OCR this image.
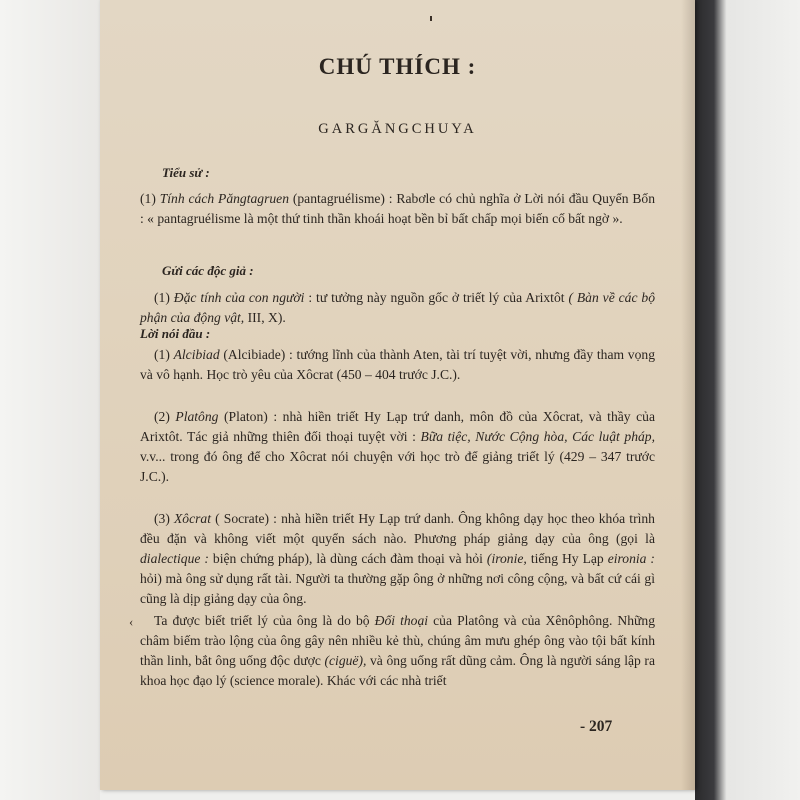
CHÚ THÍCH :
GARGĂNGCHUYA
Tiểu sử :
(1) Tính cách Păngtagruen (pantagruélisme) : Rabơle có chủ nghĩa ở Lời nói đầu Quyển Bốn : « pantagruélisme là một thứ tinh thần khoái hoạt bền bỉ bất chấp mọi biến cố bất ngờ ».
Gửi các độc giả :
(1) Đặc tính của con người : tư tưởng này nguồn gốc ở triết lý của Arixtôt ( Bàn về các bộ phận của động vật, III, X).
Lời nói đầu :
(1) Alcibiad (Alcibiade) : tướng lĩnh của thành Aten, tài trí tuyệt vời, nhưng đầy tham vọng và vô hạnh. Học trò yêu của Xôcrat (450 – 404 trước J.C.).
(2) Platông (Platon) : nhà hiền triết Hy Lạp trứ danh, môn đồ của Xôcrat, và thầy của Arixtôt. Tác giả những thiên đối thoại tuyệt vời : Bữa tiệc, Nước Cộng hòa, Các luật pháp, v.v... trong đó ông để cho Xôcrat nói chuyện với học trò để giảng triết lý (429 – 347 trước J.C.).
(3) Xôcrat ( Socrate) : nhà hiền triết Hy Lạp trứ danh. Ông không dạy học theo khóa trình đều đặn và không viết một quyển sách nào. Phương pháp giảng dạy của ông (gọi là dialectique : biện chứng pháp), là dùng cách đàm thoại và hỏi (ironie, tiếng Hy Lạp eironia : hỏi) mà ông sử dụng rất tài. Người ta thường gặp ông ở những nơi công cộng, và bất cứ cái gì cũng là dịp giảng dạy của ông.
Ta được biết triết lý của ông là do bộ Đối thoại của Platông và của Xênôphông. Những châm biếm trào lộng của ông gây nên nhiều kẻ thù, chúng âm mưu ghép ông vào tội bất kính thần linh, bắt ông uống độc dược (ciguë), và ông uống rất dũng cảm. Ông là người sáng lập ra khoa học đạo lý (science morale). Khác với các nhà triết
‹
- 207
